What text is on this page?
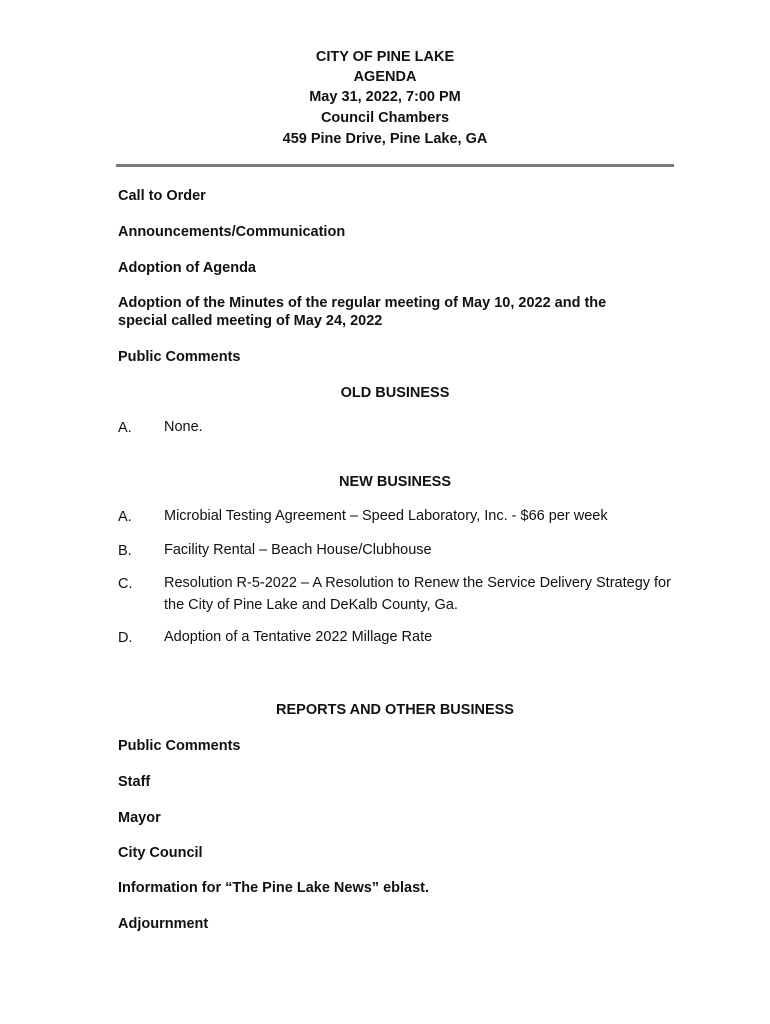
CITY OF PINE LAKE
AGENDA
May 31, 2022, 7:00 PM
Council Chambers
459 Pine Drive, Pine Lake, GA
Call to Order
Announcements/Communication
Adoption of Agenda
Adoption of the Minutes of the regular meeting of May 10, 2022 and the
special called meeting of May 24, 2022
Public Comments
OLD BUSINESS
A. None.
NEW BUSINESS
A. Microbial Testing Agreement – Speed Laboratory, Inc. - $66 per week
B. Facility Rental – Beach House/Clubhouse
C. Resolution R-5-2022 – A Resolution to Renew the Service Delivery Strategy for
the City of Pine Lake and DeKalb County, Ga.
D. Adoption of a Tentative 2022 Millage Rate
REPORTS AND OTHER BUSINESS
Public Comments
Staff
Mayor
City Council
Information for “The Pine Lake News” eblast.
Adjournment
